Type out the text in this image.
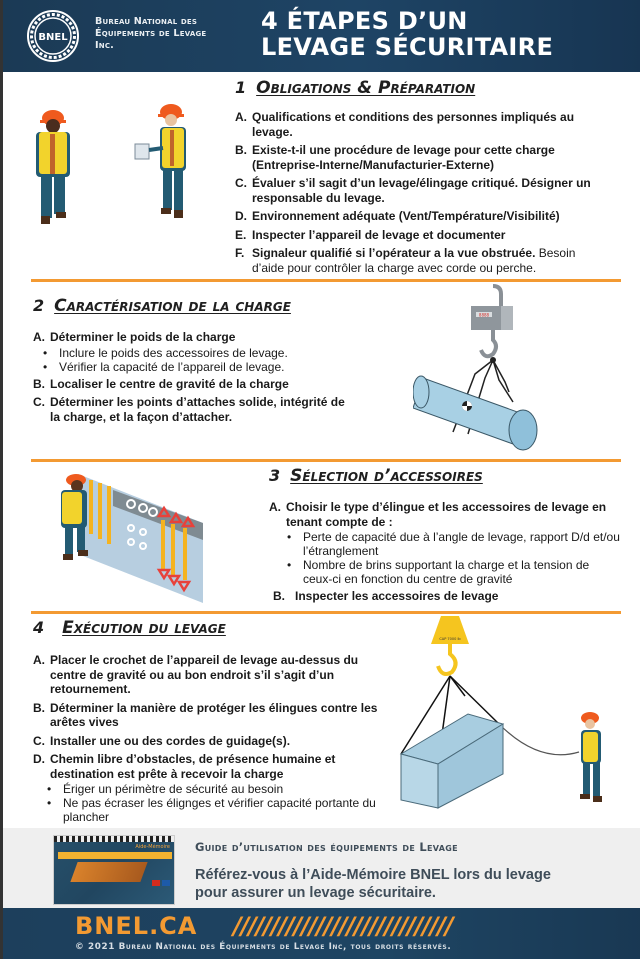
BNEL
Bureau National des
Équipements de Levage
Inc.
4 ÉTAPES D’UN
LEVAGE SÉCURITAIRE
1 Obligations & Préparation
A. Qualifications et conditions des personnes impliqués au levage.
B. Existe-t-il une procédure de levage pour cette charge (Entreprise-Interne/Manufacturier-Externe)
C. Évaluer s’il sagit d’un levage/élingage critiqué. Désigner un responsable du levage.
D. Environnement adéquate (Vent/Température/Visibilité)
E. Inspecter l’appareil de levage et documenter
F. Signaleur qualifié si l’opérateur a la vue obstruée. Besoin d’aide pour contrôler la charge avec corde ou perche.
2 Caractérisation de la charge
A. Déterminer le poids de la charge
• Inclure le poids des accessoires de levage.
• Vérifier la capacité de l’appareil de levage.
B. Localiser le centre de gravité de la charge
C. Déterminer les points d’attaches solide, intégrité de la charge, et la façon d’attacher.
8888
3 Sélection d’accessoires
A. Choisir le type d’élingue et les accessoires de levage en tenant compte de :
• Perte de capacité due à l’angle de levage, rapport D/d et/ou l’étranglement
• Nombre de brins supportant la charge et la tension de ceux-ci en fonction du centre de gravité
B. Inspecter les accessoires de levage
4 Exécution du levage
A. Placer le crochet de l’appareil de levage au-dessus du centre de gravité ou au bon endroit s’il s’agit d’un retournement.
B. Déterminer la manière de protéger les élingues contre les arêtes vives
C. Installer une ou des cordes de guidage(s).
D. Chemin libre d’obstacles, de présence humaine et destination est prête à recevoir la charge
• Ériger un périmètre de sécurité au besoin
• Ne pas écraser les élignges et vérifier capacité portante du plancher
CAP 7000 lb
Aide-Mémoire Guide d’utilisation des équipements de Levage
Référez-vous à l’Aide-Mémoire BNEL lors du levage
pour assurer un levage sécuritaire.
BNEL.CA /////////////////////////////
© 2021 Bureau National des Équipements de Levage Inc, tous droits réservés.
